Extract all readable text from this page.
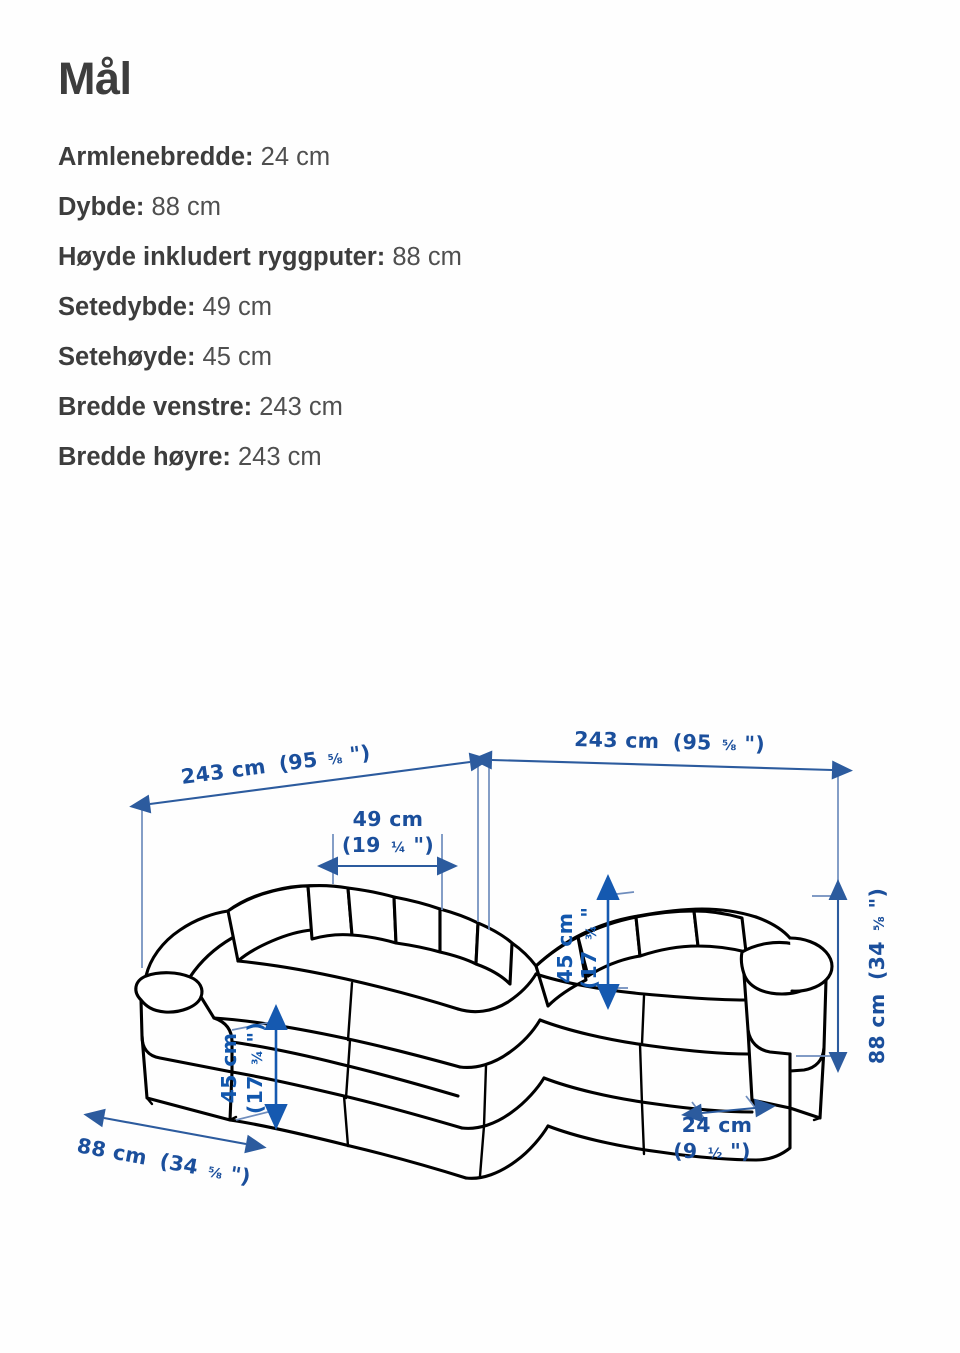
Mål
Armlenebredde: 24 cm
Dybde: 88 cm
Høyde inkludert ryggputer: 88 cm
Setedybde: 49 cm
Setehøyde: 45 cm
Bredde venstre: 243 cm
Bredde høyre: 243 cm
243 cm (95 ⅝ ")
243 cm (95 ⅝ ")
49 cm
(19 ¼ ")
45 cm (17 ¾ "
45 cm (17 ¾ ")
88 cm (34 ⅝ ")
88 cm (34 ⅝ ")
24 cm
(9 ½ ")
